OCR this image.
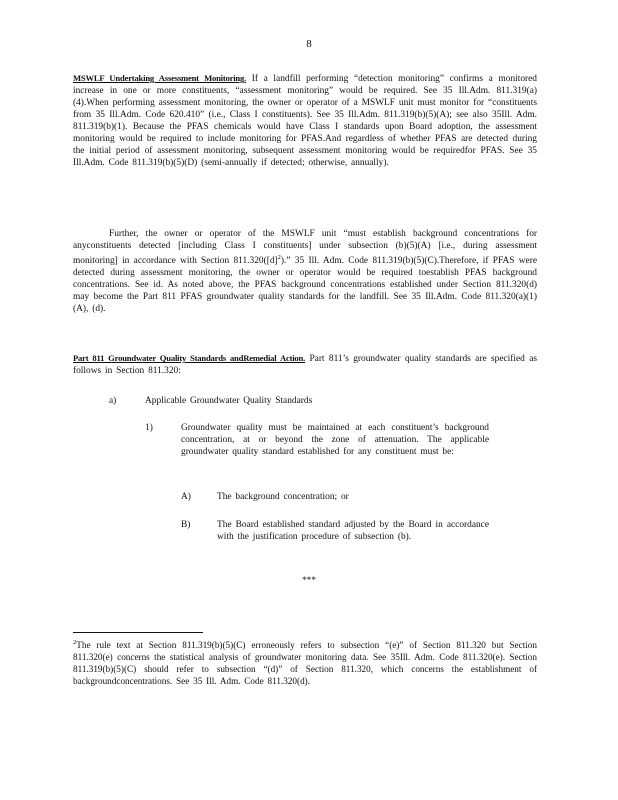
8
MSWLF Undertaking Assessment Monitoring. If a landfill performing “detection monitoring” confirms a monitored increase in one or more constituents, “assessment monitoring” would be required. See 35 Ill.Adm. 811.319(a)(4).When performing assessment monitoring, the owner or operator of a MSWLF unit must monitor for “constituents from 35 Ill.Adm. Code 620.410” (i.e., Class I constituents). See 35 Ill.Adm. 811.319(b)(5)(A); see also 35Ill. Adm. 811.319(b)(1). Because the PFAS chemicals would have Class I standards upon Board adoption, the assessment monitoring would be required to include monitoring for PFAS.And regardless of whether PFAS are detected during the initial period of assessment monitoring, subsequent assessment monitoring would be requiredfor PFAS. See 35 Ill.Adm. Code 811.319(b)(5)(D) (semi-annually if detected; otherwise, annually).
Further, the owner or operator of the MSWLF unit “must establish background concentrations for anyconstituents detected [including Class I constituents] under subsection (b)(5)(A) [i.e., during assessment monitoring] in accordance with Section $811.320([d]^2)$.” 35 Ill. Adm. Code 811.319(b)(5)(C).Therefore, if PFAS were detected during assessment monitoring, the owner or operator would be required toestablish PFAS background concentrations. See id. As noted above, the PFAS background concentrations established under Section 811.320(d) may become the Part 811 PFAS groundwater quality standards for the landfill. See 35 Ill.Adm. Code 811.320(a)(1)(A), (d).
Part 811 Groundwater Quality Standards andRemedial Action. Part 811’s groundwater quality standards are specified as follows in Section 811.320:
a)	Applicable Groundwater Quality Standards
1)	Groundwater quality must be maintained at each constituent’s background concentration, at or beyond the zone of attenuation. The applicable groundwater quality standard established for any constituent must be:
A)	The background concentration; or
B)	The Board established standard adjusted by the Board in accordance with the justification procedure of subsection (b).
***
$^2$The rule text at Section 811.319(b)(5)(C) erroneously refers to subsection “(e)” of Section 811.320 but Section 811.320(e) concerns the statistical analysis of groundwater monitoring data. See 35Ill. Adm. Code 811.320(e). Section 811.319(b)(5)(C) should refer to subsection “(d)” of Section 811.320, which concerns the establishment of backgroundconcentrations. See 35 Ill. Adm. Code 811.320(d).
